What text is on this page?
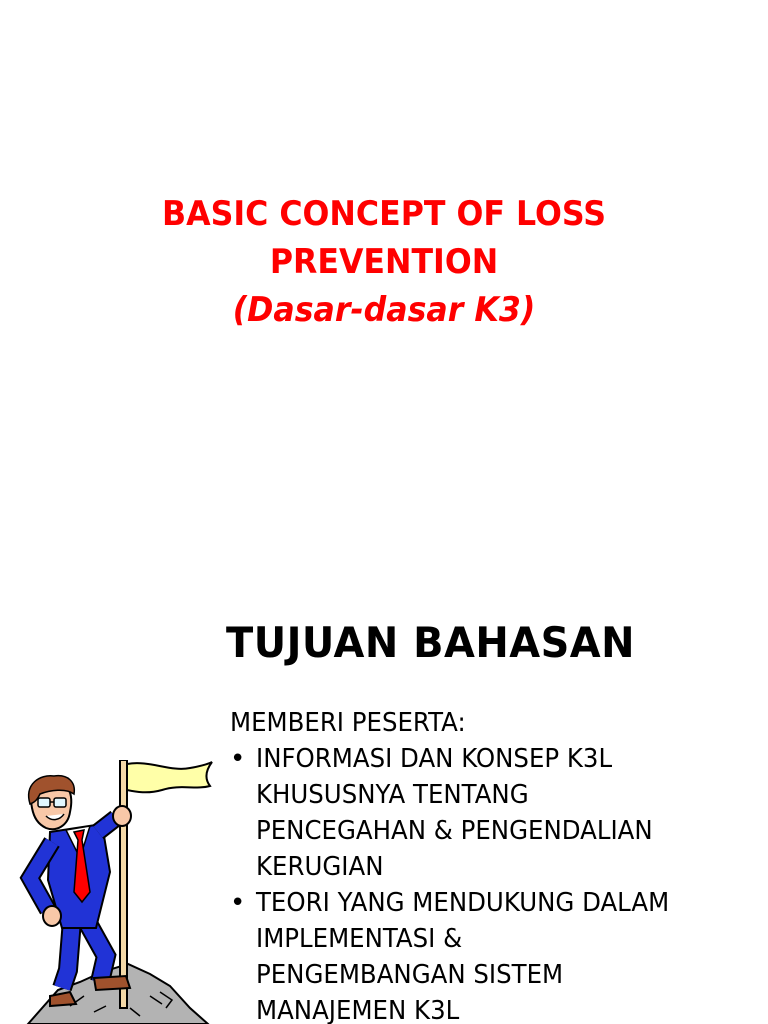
BASIC CONCEPT OF LOSS
PREVENTION
(Dasar-dasar K3)
TUJUAN BAHASAN
MEMBERI PESERTA:
• INFORMASI DAN KONSEP K3L
KHUSUSNYA TENTANG
PENCEGAHAN & PENGENDALIAN
KERUGIAN
• TEORI YANG MENDUKUNG DALAM
IMPLEMENTASI &
PENGEMBANGAN SISTEM
MANAJEMEN K3L
